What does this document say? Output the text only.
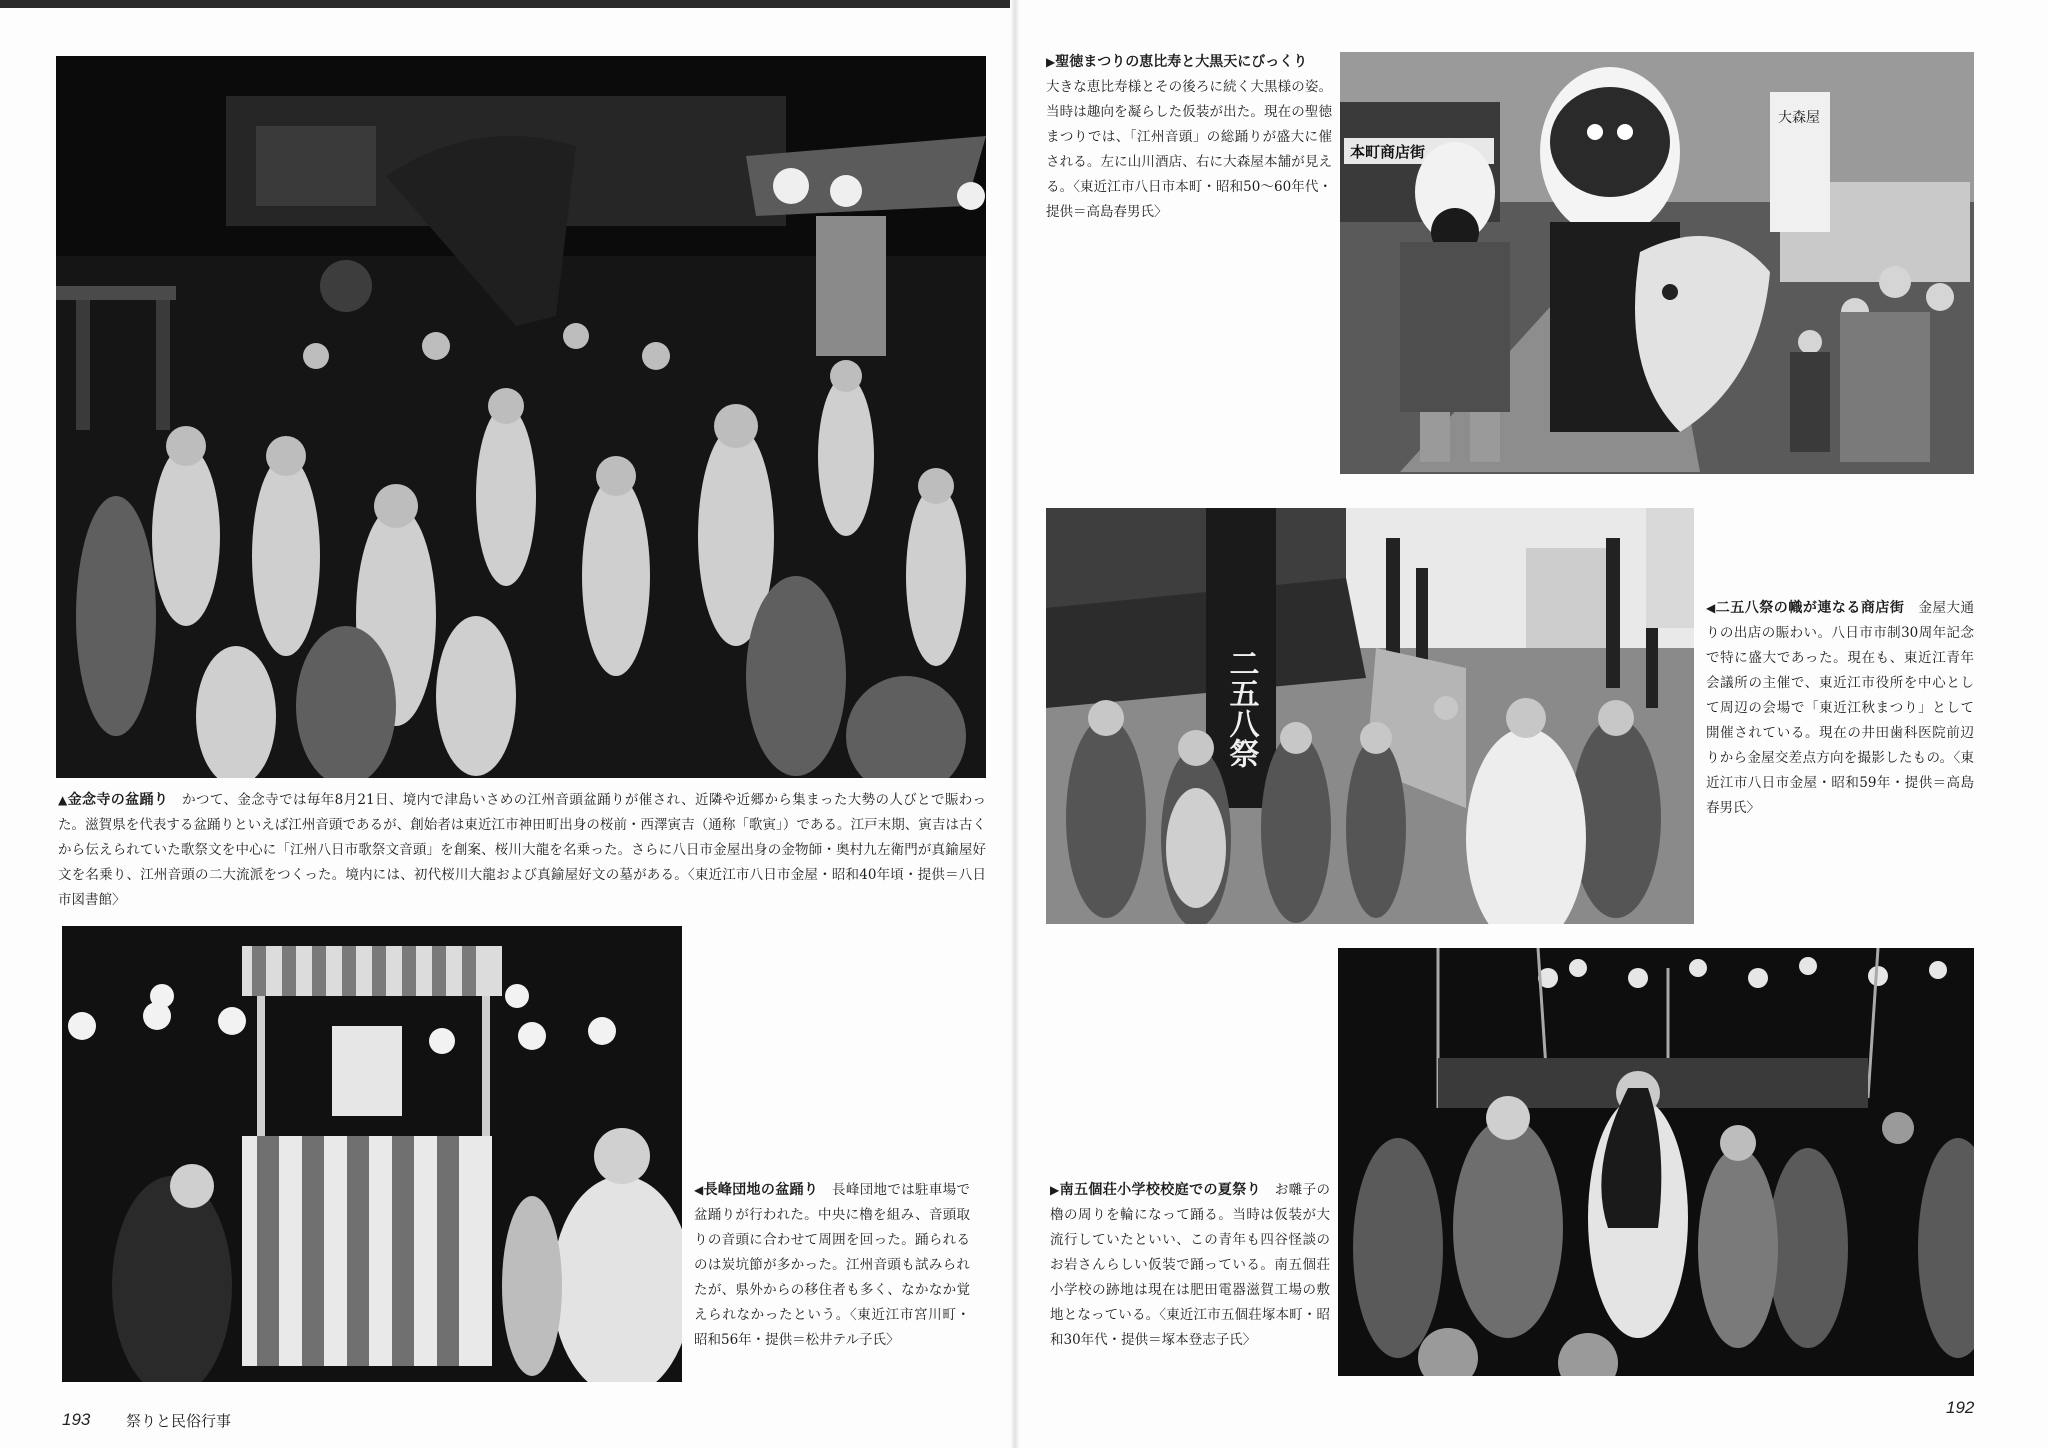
▲金念寺の盆踊り　 かつて、金念寺では毎年8月21日、境内で津島いさめの江州音頭盆踊りが催され、近隣や近郷から集まった大勢の人びとで賑わった。滋賀県を代表する盆踊りといえば江州音頭であるが、創始者は東近江市神田町出身の桜前・西澤寅吉（通称「歌寅」）である。江戸末期、寅吉は古くから伝えられていた歌祭文を中心に「江州八日市歌祭文音頭」を創案、桜川大龍を名乗った。さらに八日市金屋出身の金物師・奥村九左衛門が真鍮屋好文を名乗り、江州音頭の二大流派をつくった。境内には、初代桜川大龍および真鍮屋好文の墓がある。〈東近江市八日市金屋・昭和40年頃・提供＝八日市図書館〉
◀長峰団地の盆踊り　 長峰団地では駐車場で盆踊りが行われた。中央に櫓を組み、音頭取りの音頭に合わせて周囲を回った。踊られるのは炭坑節が多かった。江州音頭も試みられたが、県外からの移住者も多く、なかなか覚えられなかったという。〈東近江市宮川町・昭和56年・提供＝松井テル子氏〉
193 祭りと民俗行事
▶聖徳まつりの恵比寿と大黒天にびっくり
大きな恵比寿様とその後ろに続く大黒様の姿。当時は趣向を凝らした仮装が出た。現在の聖徳まつりでは、「江州音頭」の総踊りが盛大に催される。左に山川酒店、右に大森屋本舗が見える。〈東近江市八日市本町・昭和50～60年代・提供＝高島春男氏〉
本町商店街
大森屋
二五八祭
◀二五八祭の幟が連なる商店街　 金屋大通りの出店の賑わい。八日市市制30周年記念で特に盛大であった。現在も、東近江青年会議所の主催で、東近江市役所を中心として周辺の会場で「東近江秋まつり」として開催されている。現在の井田歯科医院前辺りから金屋交差点方向を撮影したもの。〈東近江市八日市金屋・昭和59年・提供＝高島春男氏〉
▶南五個荘小学校校庭での夏祭り　 お囃子の櫓の周りを輪になって踊る。当時は仮装が大流行していたといい、この青年も四谷怪談のお岩さんらしい仮装で踊っている。南五個荘小学校の跡地は現在は肥田電器滋賀工場の敷地となっている。〈東近江市五個荘塚本町・昭和30年代・提供＝塚本登志子氏〉
192
